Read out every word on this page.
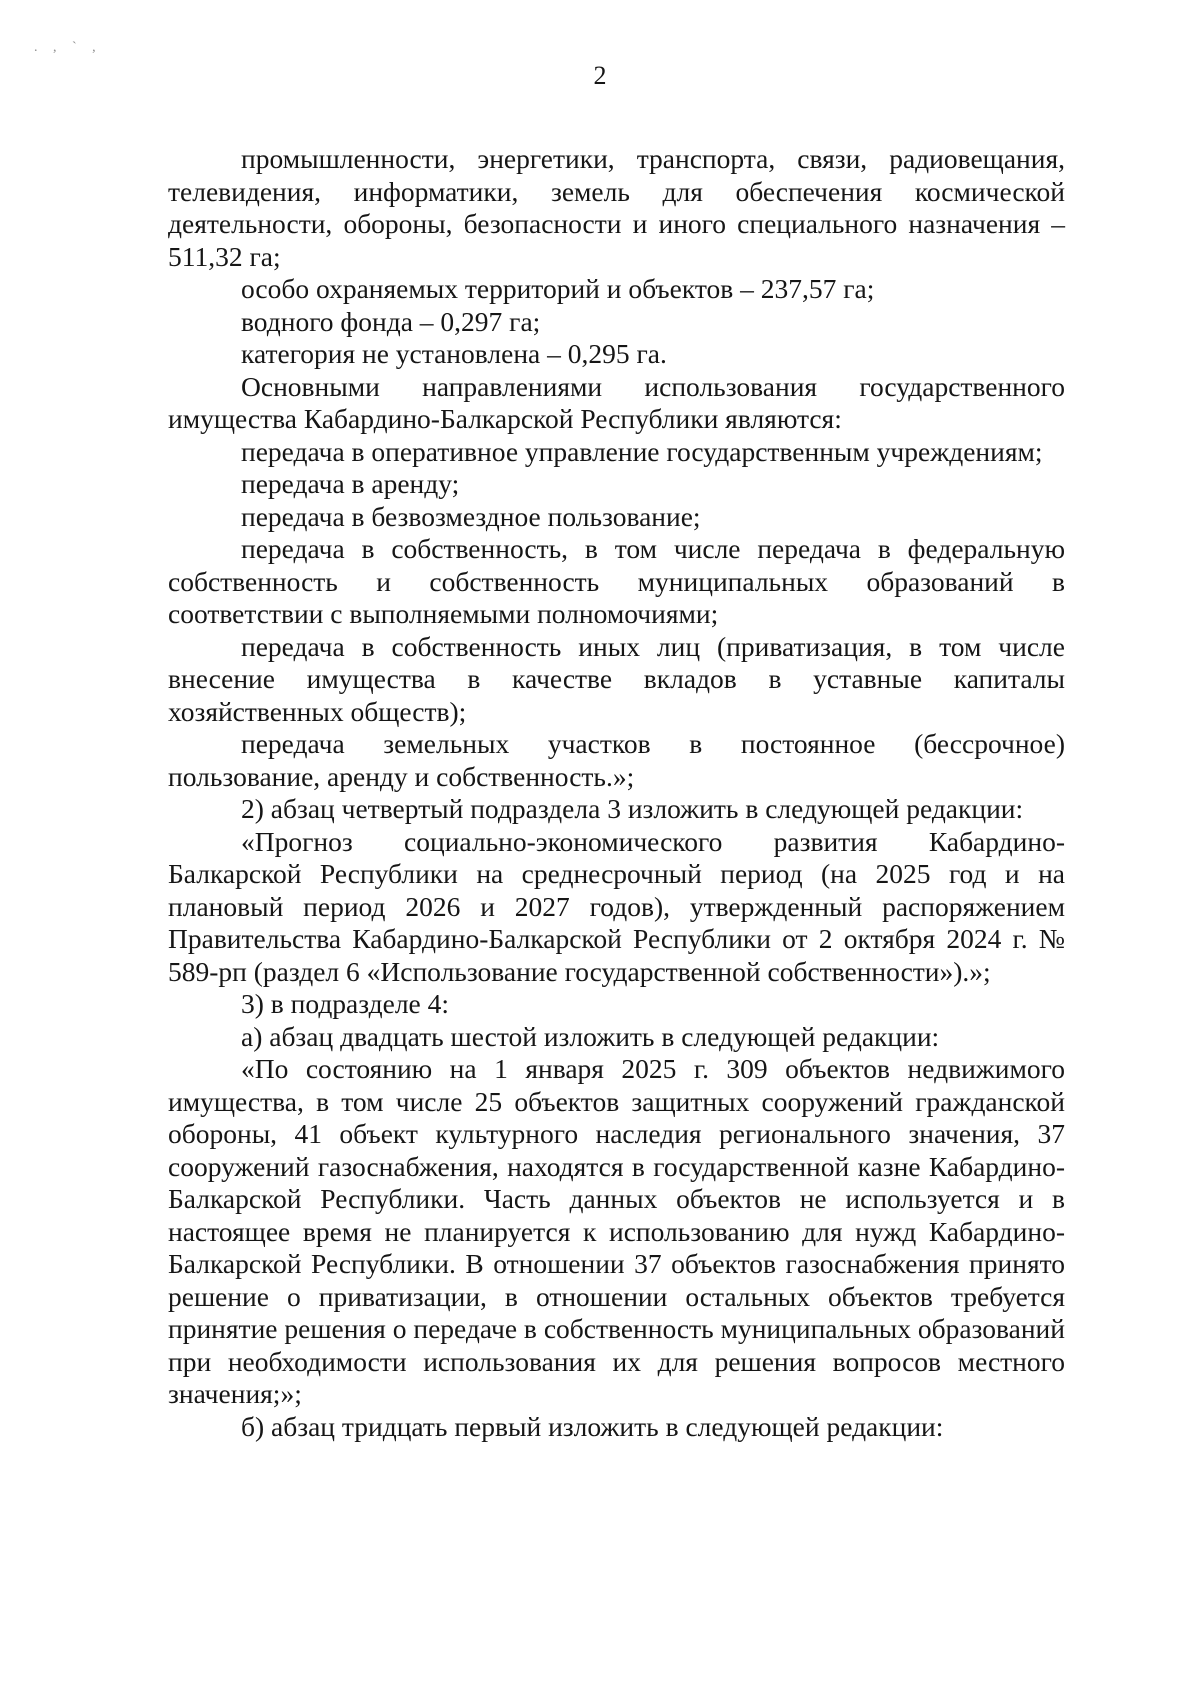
. , ˋ ,
2

промышленности, энергетики, транспорта, связи, радиовещания, телевидения, информатики, земель для обеспечения космической деятельности, обороны, безопасности и иного специального назначения – 511,32 га;

особо охраняемых территорий и объектов – 237,57 га;

водного фонда – 0,297 га;

категория не установлена – 0,295 га.

Основными направлениями использования государственного имущества Кабардино-Балкарской Республики являются:

передача в оперативное управление государственным учреждениям;

передача в аренду;

передача в безвозмездное пользование;

передача в собственность, в том числе передача в федеральную собственность и собственность муниципальных образований в соответствии с выполняемыми полномочиями;

передача в собственность иных лиц (приватизация, в том числе внесение имущества в качестве вкладов в уставные капиталы хозяйственных обществ);

передача земельных участков в постоянное (бессрочное) пользование, аренду и собственность.»;

2) абзац четвертый подраздела 3 изложить в следующей редакции:

«Прогноз социально-экономического развития Кабардино-Балкарской Республики на среднесрочный период (на 2025 год и на плановый период 2026 и 2027 годов), утвержденный распоряжением Правительства Кабардино-Балкарской Республики от 2 октября 2024 г. № 589-рп (раздел 6 «Использование государственной собственности»).»;

3) в подразделе 4:

а) абзац двадцать шестой изложить в следующей редакции:

«По состоянию на 1 января 2025 г. 309 объектов недвижимого имущества, в том числе 25 объектов защитных сооружений гражданской обороны, 41 объект культурного наследия регионального значения, 37 сооружений газоснабжения, находятся в государственной казне Кабардино-Балкарской Республики. Часть данных объектов не используется и в настоящее время не планируется к использованию для нужд Кабардино-Балкарской Республики. В отношении 37 объектов газоснабжения принято решение о приватизации, в отношении остальных объектов требуется принятие решения о передаче в собственность муниципальных образований при необходимости использования их для решения вопросов местного значения;»;

б) абзац тридцать первый изложить в следующей редакции:
